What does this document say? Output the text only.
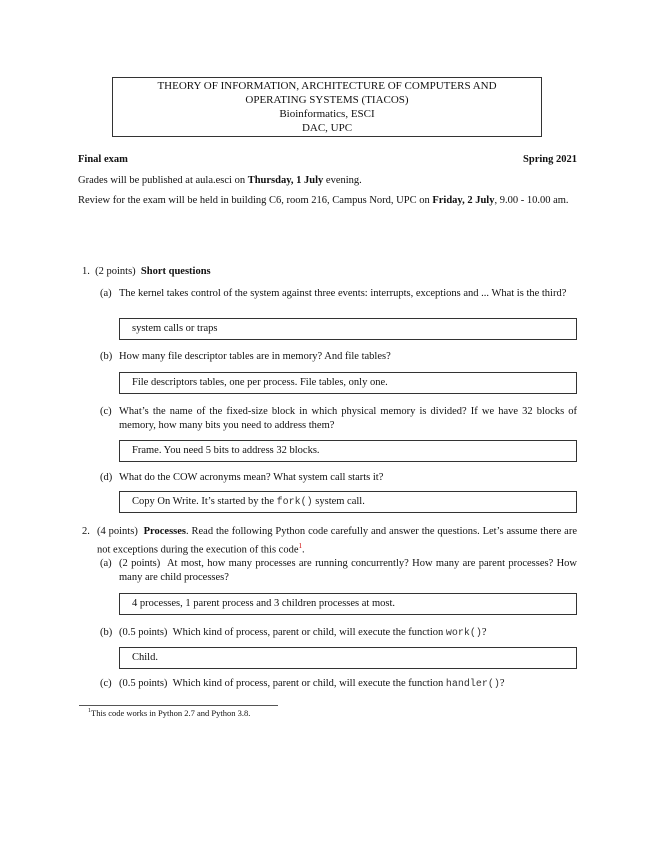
THEORY OF INFORMATION, ARCHITECTURE OF COMPUTERS AND
OPERATING SYSTEMS (TIACOS)
Bioinformatics, ESCI
DAC, UPC
Final exam	Spring 2021
Grades will be published at aula.esci on Thursday, 1 July evening.
Review for the exam will be held in building C6, room 216, Campus Nord, UPC on Friday, 2 July, 9.00 - 10.00 am.
1. (2 points) Short questions
(a) The kernel takes control of the system against three events: interrupts, exceptions and ... What is the third?
system calls or traps
(b) How many file descriptor tables are in memory? And file tables?
File descriptors tables, one per process. File tables, only one.
(c) What’s the name of the fixed-size block in which physical memory is divided? If we have 32 blocks of memory, how many bits you need to address them?
Frame. You need 5 bits to address 32 blocks.
(d) What do the COW acronyms mean? What system call starts it?
Copy On Write. It’s started by the fork() system call.
2. (4 points) Processes. Read the following Python code carefully and answer the questions. Let’s assume there are not exceptions during the execution of this code$^1$.
(a) (2 points) At most, how many processes are running concurrently? How many are parent processes? How many are child processes?
4 processes, 1 parent process and 3 children processes at most.
(b) (0.5 points) Which kind of process, parent or child, will execute the function work()?
Child.
(c) (0.5 points) Which kind of process, parent or child, will execute the function handler()?
$^1$This code works in Python 2.7 and Python 3.8.
